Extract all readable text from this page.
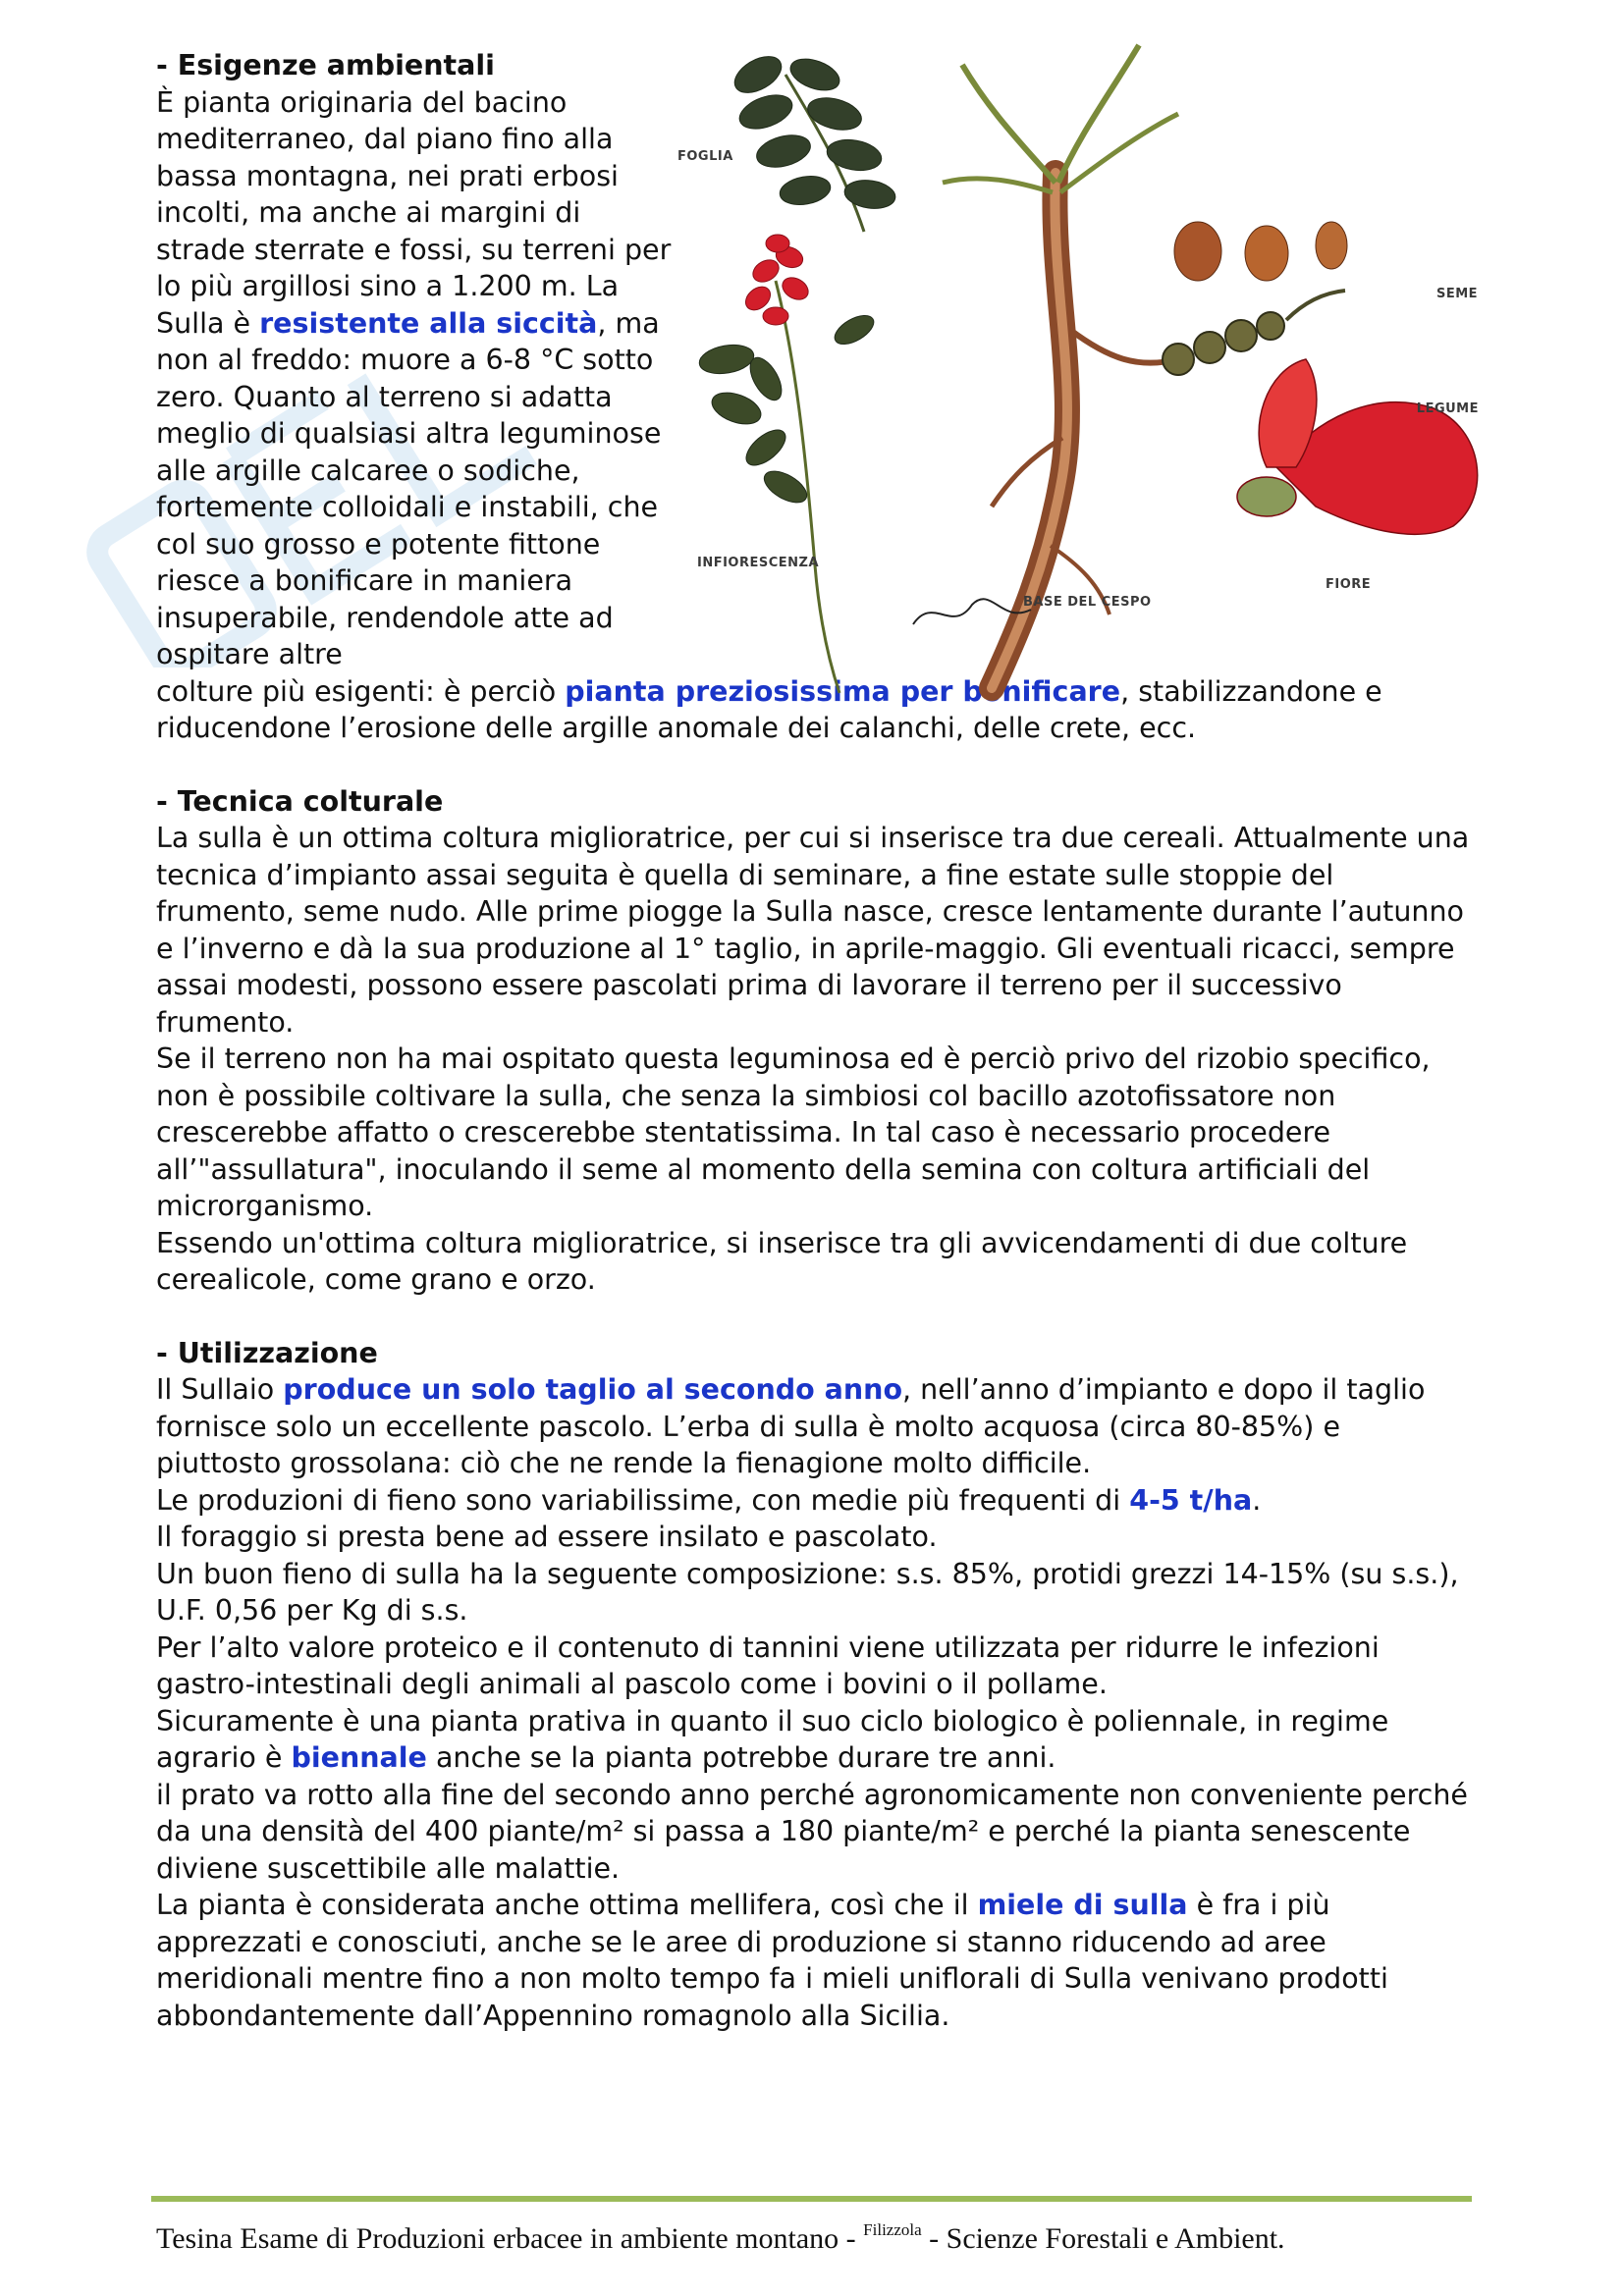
- Esigenze ambientali

È pianta originaria del bacino mediterraneo, dal piano fino alla bassa montagna, nei prati erbosi incolti, ma anche ai margini di strade sterrate e fossi, su terreni per lo più argillosi sino a 1.200 m. La Sulla è resistente alla siccità, ma non al freddo: muore a 6-8 °C sotto zero. Quanto al terreno si adatta meglio di qualsiasi altra leguminose alle argille calcaree o sodiche, fortemente colloidali e instabili, che col suo grosso e potente fittone riesce a bonificare in maniera insuperabile, rendendole atte ad ospitare altre

colture più esigenti: è perciò pianta preziosissima per bonificare, stabilizzandone e riducendone l’erosione delle argille anomale dei calanchi, delle crete, ecc.

- Tecnica colturale

La sulla è un ottima coltura miglioratrice, per cui si inserisce tra due cereali. Attualmente una tecnica d’impianto assai seguita è quella di seminare, a fine estate sulle stoppie del frumento, seme nudo. Alle prime piogge la Sulla nasce, cresce lentamente durante l’autunno e l’inverno e dà la sua produzione al 1° taglio, in aprile-maggio. Gli eventuali ricacci, sempre assai modesti, possono essere pascolati prima di lavorare il terreno per il successivo frumento.

Se il terreno non ha mai ospitato questa leguminosa ed è perciò privo del rizobio specifico, non è possibile coltivare la sulla, che senza la simbiosi col bacillo azotofissatore non crescerebbe affatto o crescerebbe stentatissima. In tal caso è necessario procedere all’"assullatura", inoculando il seme al momento della semina con coltura artificiali del microrganismo.

Essendo un'ottima coltura miglioratrice, si inserisce tra gli avvicendamenti di due colture cerealicole, come grano e orzo.

- Utilizzazione

Il Sullaio produce un solo taglio al secondo anno, nell’anno d’impianto e dopo il taglio fornisce solo un eccellente pascolo. L’erba di sulla è molto acquosa (circa 80-85%) e piuttosto grossolana: ciò che ne rende la fienagione molto difficile.

Le produzioni di fieno sono variabilissime, con medie più frequenti di 4-5 t/ha.

Il foraggio si presta bene ad essere insilato e pascolato.

Un buon fieno di sulla ha la seguente composizione: s.s. 85%, protidi grezzi 14-15% (su s.s.), U.F. 0,56 per Kg di s.s.

Per l’alto valore proteico e il contenuto di tannini viene utilizzata per ridurre le infezioni gastro-intestinali degli animali al pascolo come i bovini o il pollame.

Sicuramente è una pianta prativa in quanto il suo ciclo biologico è poliennale, in regime agrario è biennale anche se la pianta potrebbe durare tre anni.

il prato va rotto alla fine del secondo anno perché agronomicamente non conveniente perché da una densità del 400 piante/m² si passa a 180 piante/m² e perché la pianta senescente diviene suscettibile alle malattie.

La pianta è considerata anche ottima mellifera, così che il miele di sulla è fra i più apprezzati e conosciuti, anche se le aree di produzione si stanno riducendo ad aree meridionali mentre fino a non molto tempo fa i mieli uniflorali di Sulla venivano prodotti abbondantemente dall’Appennino romagnolo alla Sicilia.

FOGLIA
SEME
LEGUME
INFIORESCENZA
BASE DEL CESPO
FIORE
Tesina Esame di Produzioni erbacee in ambiente montano - $^{Filizzola}$ - Scienze Forestali e Ambient.
